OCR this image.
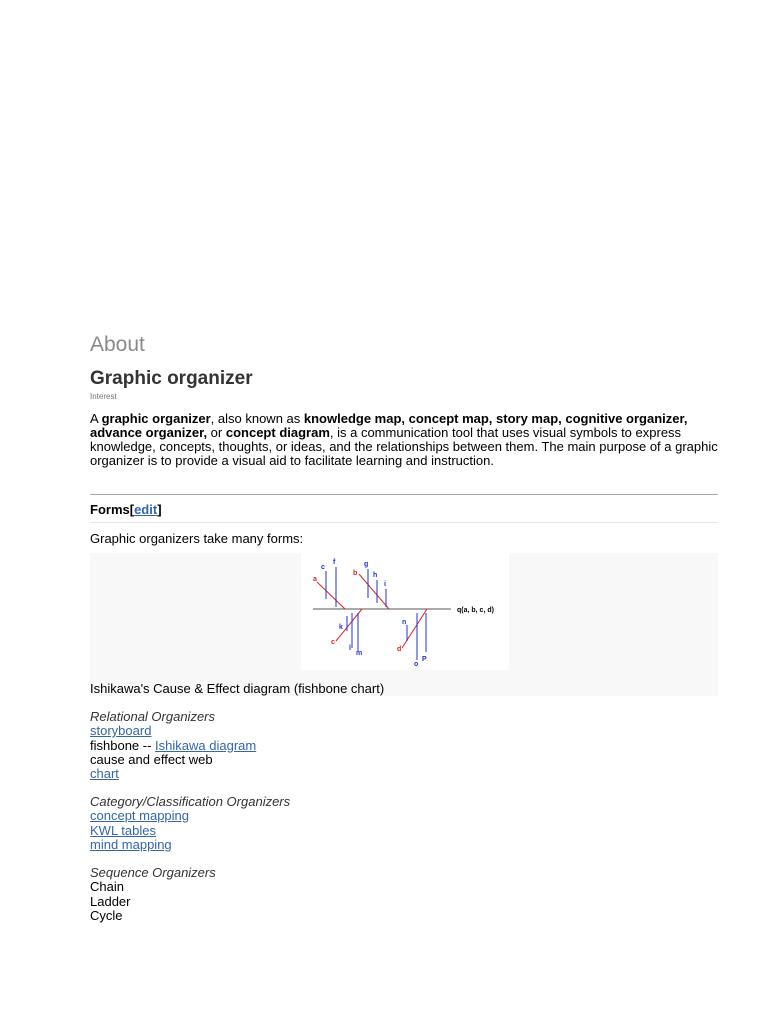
About
Graphic organizer
Interest

A graphic organizer, also known as knowledge map, concept map, story map, cognitive organizer, advance organizer, or concept diagram, is a communication tool that uses visual symbols to express knowledge, concepts, thoughts, or ideas, and the relationships between them. The main purpose of a graphic organizer is to provide a visual aid to facilitate learning and instruction.

Forms[edit]
Graphic organizers take many forms:
a
b
c
d
c
f	g
h
i
k
l
m
n
o
P
q(a, b, c, d)
Ishikawa's Cause & Effect diagram (fishbone chart)
Relational Organizers
storyboard
fishbone -- Ishikawa diagram
cause and effect web
chart
Category/Classification Organizers
concept mapping
KWL tables
mind mapping
Sequence Organizers
Chain
Ladder
Cycle
